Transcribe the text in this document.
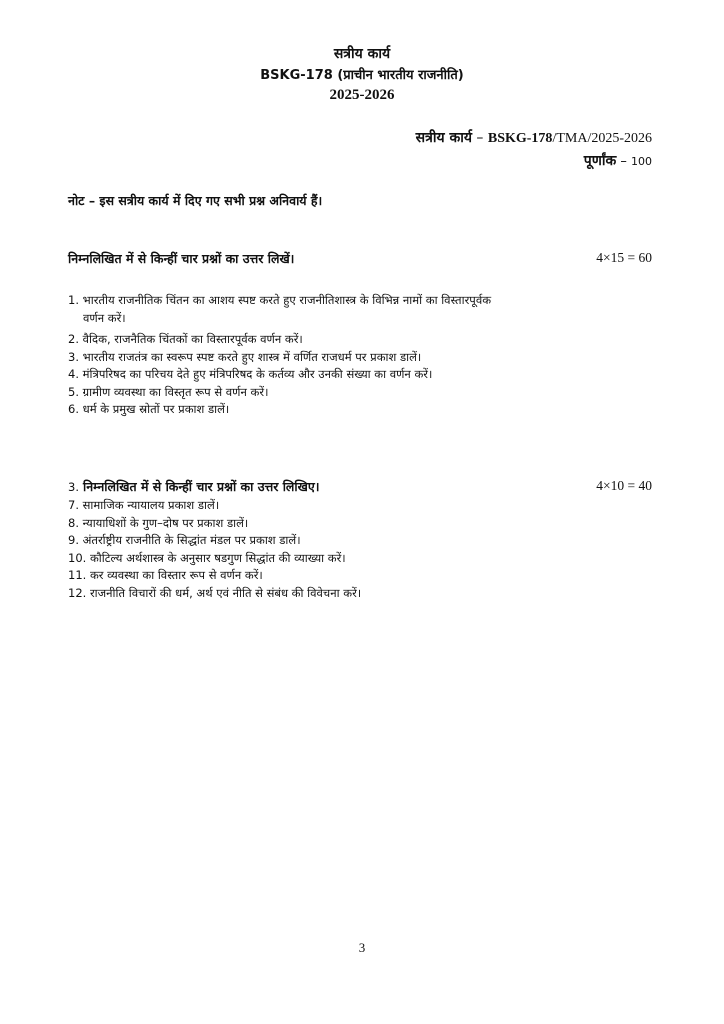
सत्रीय कार्य
BSKG-178 (प्राचीन भारतीय राजनीति)
2025-2026
सत्रीय कार्य – BSKG-178/TMA/2025-2026
पूर्णांक – 100
नोट – इस सत्रीय कार्य में दिए गए सभी प्रश्न अनिवार्य हैं।
निम्नलिखित में से किन्हीं चार प्रश्नों का उत्तर लिखें।	4×15 = 60
1. भारतीय राजनीतिक चिंतन का आशय स्पष्ट करते हुए राजनीतिशास्त्र के विभिन्न नामों का विस्तारपूर्वक
वर्णन करें।
2. वैदिक, राजनैतिक चिंतकों का विस्तारपूर्वक वर्णन करें।
3. भारतीय राजतंत्र का स्वरूप स्पष्ट करते हुए शास्त्र में वर्णित राजधर्म पर प्रकाश डालें।
4. मंत्रिपरिषद का परिचय देते हुए मंत्रिपरिषद के कर्तव्य और उनकी संख्या का वर्णन करें।
5. ग्रामीण व्यवस्था का विस्तृत रूप से वर्णन करें।
6. धर्म के प्रमुख स्रोतों पर प्रकाश डालें।
3. निम्नलिखित में से किन्हीं चार प्रश्नों का उत्तर लिखिए।	4×10 = 40
7. सामाजिक न्यायालय प्रकाश डालें।
8. न्यायाधिशों के गुण–दोष पर प्रकाश डालें।
9. अंतर्राष्ट्रीय राजनीति के सिद्धांत मंडल पर प्रकाश डालें।
10. कौटिल्य अर्थशास्त्र के अनुसार षडगुण सिद्धांत की व्याख्या करें।
11. कर व्यवस्था का विस्तार रूप से वर्णन करें।
12. राजनीति विचारों की धर्म, अर्थ एवं नीति से संबंध की विवेचना करें।
3
